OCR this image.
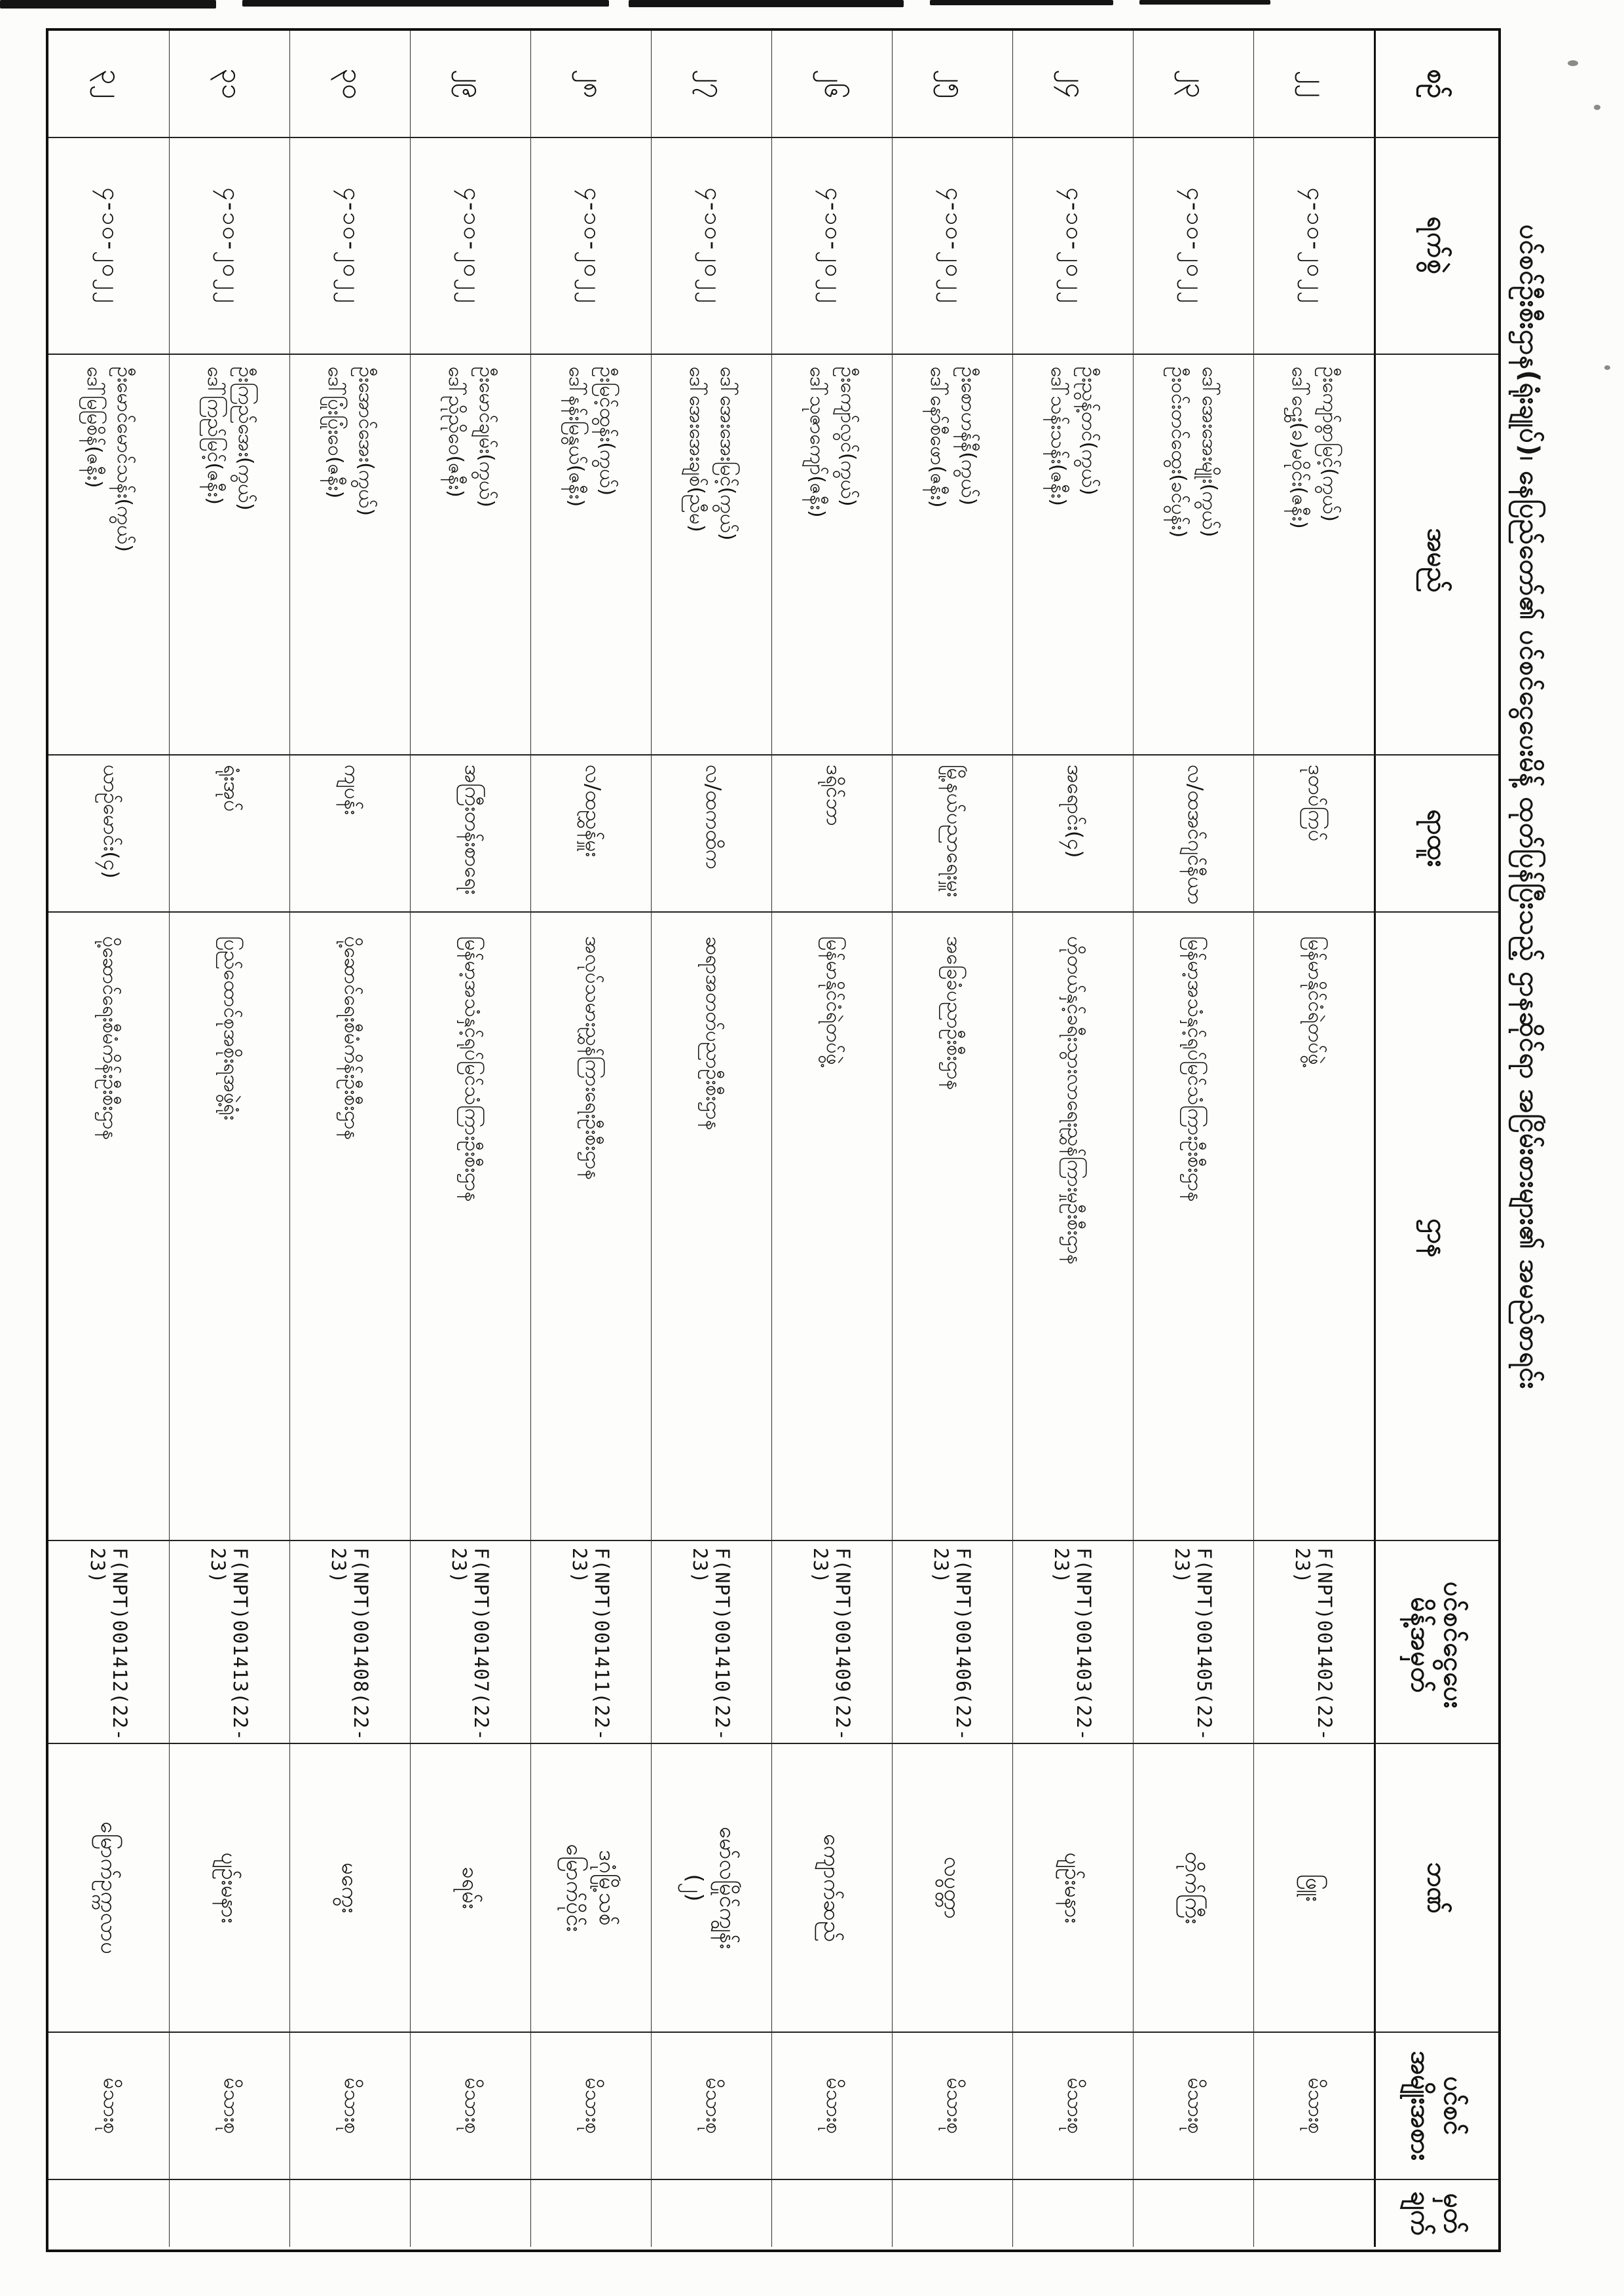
ပင်စင်ဦးစီးဌာန(ရုံးချုပ်)၊ နေပြည်တော်၏ ပင်စင်ငွေပေးမိန့် ထုတ်ပြန်ပြီးသည့် ဌာနဆိုင်ရာ အငြိမ်းစားများ၏ အမည်စာရင်း
စဉ်
ရက်စွဲ
အမည်
ရာထူး
ဌာန
ပင်စင်ငွေပေး
မိန့်အမှတ်
ဘဏ်
ပင်စင်
အမျိုးအစား
မှတ်
ချက်
၂၂
၄-၁၀-၂၀၂၂
ဦးကျော်စွာမြင့်(ကွယ်)
ဒေါ်ဌွေး(ခ)မဝိုင်း(ဇနီး)
ဒုတပ်ကြပ်
မြန်မာနိုင်ငံရဲတပ်ဖွဲ့
F(NPT)001402(22-23)
ဖြူး
မိသားစု
၂၃
၄-၁၀-၂၀၂၂
ဒေါ်အေးအေးမျိုး(ကွယ်)
ဦးဝင်းတင်ထွေး(ခင်ပွန်း)
လ/ထအင်ဂျင်နီယာ
မြန်မာ့အသံနှင့်ရုပ်မြင်သံကြားဦးစီးဌာန
F(NPT)001405(22-23)
တိုက်ကြီး
မိသားစု
၂၄
၄-၁၀-၂၀၂၂
ဦးညွန့်တင်(ကွယ်)
ဒေါ်သန်းသန်း(ဇနီး)
အရောင်း(၄)
ဟိုတယ်နှင့်ခရီးသွားလာရေးညွှန်ကြားမှုဦးစီးဌာန
F(NPT)001403(22-23)
ပျဉ်းမနား
မိသားစု
၂၅
၄-၁၀-၂၀၂၂
ဦးစောဟန်နီ(ကွယ်)
ဒေါ်နော်စီဖော(ဇနီး)
မြို့နယ်ပညာရေးမှူး
အခြေခံပညာဦးစီးဌာန
F(NPT)001406(22-23)
လပွတ္တာ
မိသားစု
၂၆
၄-၁၀-၂၀၂၂
ဦးကျော်လွင်(ကွယ်)
ဒေါ်သုဇာကျော်(ဇနီး)
ဒရိုင်ဘာ
မြန်မာနိုင်ငံရဲတပ်ဖွဲ့
F(NPT)001409(22-23)
ကျောက်ဆည်
မိသားစု
၂၇
၄-၁၀-၂၀၂၂
ဒေါ်အေးအေးမြင့်(ကွယ်)
ဒေါ်အေးအေးချစ်(ညီမ)
လ/ထကထိက
ဆရာအတတ်ပညာဦးစီးဌာန
F(NPT)001410(22-23)
မော်လမြိုင်ကျွန်း
(၂)
မိသားစု
၂၈
၄-၁၀-၂၀၂၂
ဦးမြင့်ထွန်း(ကွယ်)
ဒေါ်နန်းမြနွယ်(ဇနီး)
လ/ထညွှန်မှူး
အလုပ်သမားညွှန်ကြားရေးဦးစီးဌာန
F(NPT)001411(22-23)
ဒဂုံမြို့သစ်
မြောက်ပိုင်း
မိသားစု
၂၉
၄-၁၀-၂၀၂၂
ဦးမောင်ချမ်း(ကွယ်)
ဒေါ်ညိုညိုဝေ(ဇနီး)
အကြီးတန်းစာရေး
မြန်မာ့အသံနှင့်ရုပ်မြင်သံကြားဦးစီးဌာန
F(NPT)001407(22-23)
ခရမ်း
မိသားစု
၃၀
၄-၁၀-၂၀၂၂
ဦးအောင်အေး(ကွယ်)
ဒေါ်ပြုံးပြုံးဝေ(ဇနီး)
ကျပန်း
ပို့ဆောင်ရေးစီမံကိန်းဦးစီးဌာန
F(NPT)001408(22-23)
မကွေး
မိသားစု
၃၁
၄-၁၀-၂၀၂၂
ဦးကြည်အေး(ကွယ်)
ဒေါ်ကြည်မြင့်(ဇနီး)
ရုံးအုပ်
ပြည်ထောင်စုအစိုးရအဖွဲ့ရုံး
F(NPT)001413(22-23)
ပျဉ်းမနား
မိသားစု
၃၂
၄-၁၀-၂၀၂၂
ဦးမောင်မောင်သန်း(ကွယ်)
ဒေါ်မြမြစိန်(ဇနီး)
ယာဉ်မောင်း(၄)
ပို့ဆောင်ရေးစီမံကိန်းဦးစီးဌာန
F(NPT)001412(22-23)
မြောက်ဥက္ကလာပ
မိသားစု
